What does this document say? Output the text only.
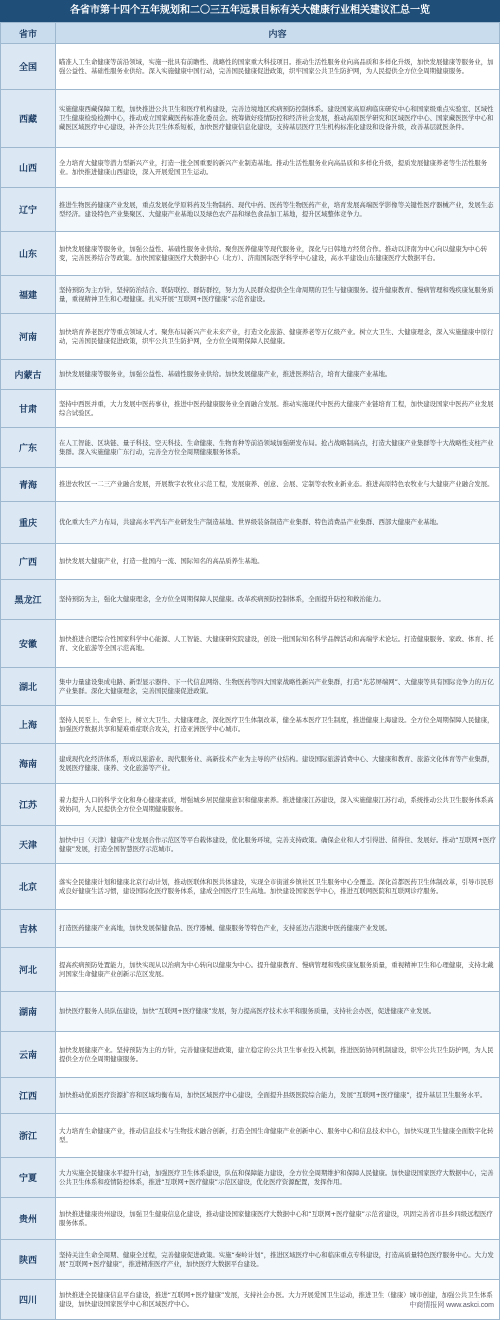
各省市第十四个五年规划和二〇三五年远景目标有关大健康行业相关建议汇总一览
省市	内容
全国	瞄准人工生命健康等前沿领域，实施一批具有前瞻性、战略性的国家重大科技项目。推动生活性服务业向高品质和多样化升级，加快发展健康等服务业，加强公益性、基础性服务业供给。深入实施健康中国行动，完善国民健康促进政策，织牢国家公共卫生防护网，为人民提供全方位全周期健康服务。
西藏	实施健康西藏保障工程，加快推进公共卫生和医疗机构建设，完善边境地区疾病预防控制体系。建设国家高原病临床研究中心和国家级重点实验室、区域性卫生健康检验检测中心，推动成立国家藏医药标准化委员会。统筹做好疫情防控和经济社会发展，推动高原医学研究和区域医疗中心、国家藏医医学中心和藏医区域医疗中心建设，补齐公共卫生体系短板，加快医疗健康信息化建设，支持基层医疗卫生机构标准化建设和设备升级，改善基层就医条件。
山西	全力培育大健康等潜力型新兴产业，打造一批全国重要的新兴产业制造基地。推动生活性服务业向高品质和多样化升级，提质发展健康养老等生活性服务业。加快推进健康山西建设，深入开展爱国卫生运动。
辽宁	推进生物医药健康产业发展，重点发展化学原料药及生物制药、现代中药、医药等生物医药产业，培育发展高端医学影像等关键性医疗器械产业，发展生态型经济。建设特色产业集聚区、大健康产业基地以及绿色农产品和绿色食品加工基地，提升区域整体竞争力。
山东	加快发展健康等服务业，加强公益性、基础性服务业供给。聚焦医养健康等现代服务业，深化与日韩地方经贸合作。推动以济南为中心向以健康为中心转变，完善医养结合等政策。加快国家健康医疗大数据中心（北方）、济南国际医学科学中心建设，高水平建设山东健康医疗大数据平台。
福建	坚持预防为主方针，坚持防治结合、联防联控、群防群控，努力为人民群众提供全生命周期的卫生与健康服务。提升健康教育、慢病管理和残疾康复服务质量，重视精神卫生和心理健康。扎实开展“互联网+医疗健康”示范省建设。
河南	加快培育养老医疗等重点领域人才。聚焦布局新兴产业未来产业，打造文化旅游、健康养老等万亿级产业。树立大卫生、大健康理念，深入实施健康中原行动，完善国民健康促进政策，织牢公共卫生防护网，全方位全周期保障人民健康。
内蒙古	加快发展健康等服务业，加强公益性、基础性服务业供给。加快发展健康产业，推进医养结合，培育大健康产业基地。
甘肃	坚持中西医并重，大力发展中医药事业，推进中医药健康服务业全面融合发展。推动实施现代中医药大健康产业链培育工程，加快建设国家中医药产业发展综合试验区。
广东	在人工智能、区块链、量子科技、空天科技、生命健康、生物育种等前沿领域加强研发布局。抢占战略制高点，打造大健康产业集群等十大战略性支柱产业集群。深入实施健康广东行动，完善全方位全周期健康服务体系。
青海	推进农牧区一二三产业融合发展，开展数字农牧业示范工程，发展康养、创意、会展、定制等农牧业新业态。推进高原特色农牧业与大健康产业融合发展。
重庆	优化重大生产力布局，共建高水平汽车产业研发生产制造基地、世界级装备制造产业集群、特色消费品产业集群、西部大健康产业基地。
广西	加快发展大健康产业，打造一批国内一流、国际知名的高品质养生基地。
黑龙江	坚持预防为主，强化大健康理念，全方位全周期保障人民健康。改革疾病预防控制体系，全面提升防控和救治能力。
安徽	加快推进合肥综合性国家科学中心能源、人工智能、大健康研究院建设，创设一批国际知名科学品牌活动和高端学术论坛。打造健康服务、家政、体育、托育、文化旅游等全国示范高地。
湖北	集中力量建设集成电路、新型显示器件、下一代信息网络、生物医药等四大国家战略性新兴产业集群，打造“光芯屏端网”、大健康等具有国际竞争力的万亿产业集群。深化大健康理念，完善国民健康促进政策。
上海	坚持人民至上、生命至上，树立大卫生、大健康理念，深化医疗卫生体制改革，健全基本医疗卫生制度，推进健康上海建设。全方位全周期保障人民健康，加强医疗数据共享和疑难重症联合攻关，打造亚洲医学中心城市。
海南	建成现代化经济体系，形成以旅游业、现代服务业、高新技术产业为主导的产业结构。建设国际旅游消费中心、大健康和教育、旅游文化体育等产业集群，发展医疗健康、康养、文化旅游等产业。
江苏	着力提升人口的科学文化和身心健康素质，增强城乡居民健康意识和健康素养。推进健康江苏建设，深入实施健康江苏行动，系统推动公共卫生服务体系高效协同，为人民提供全方位全周期健康服务。
天津	加快中日（天津）健康产业发展合作示范区等平台载体建设，优化服务环境，完善支持政策。确保企业和人才引得进、留得住、发展好。推动“互联网+医疗健康”发展，打造全国智慧医疗示范城市。
北京	落实全民健康计划和健康北京行动计划，推动医联体和医共体建设，实现全市街道乡镇社区卫生服务中心全覆盖。深化首都医药卫生体制改革，引导市民形成良好健康生活习惯，建设国际化医疗服务体系，建成全国医疗卫生高地。加快建设国家医学中心，推进互联网医院和互联网诊疗服务。
吉林	打造医药健康产业高地，加快发展保健食品、医疗器械、健康服务等特色产业，支持延边吉港澳中医药健康产业发展。
河北	提高疾病预防处置能力，加快实现从以治病为中心转向以健康为中心。提升健康教育、慢病管理和残疾康复服务质量，重视精神卫生和心理健康，支持北戴河国家生命健康产业创新示范区发展。
湖南	加快医疗服务人员队伍建设，加快“互联网+医疗健康”发展，努力提高医疗技术水平和服务质量，支持社会办医，促进健康产业发展。
云南	加快发展健康产业。坚持预防为主的方针，完善健康促进政策，建立稳定的公共卫生事业投入机制，推进医防协同机制建设，织牢公共卫生防护网，为人民提供全方位全周期健康服务。
江西	加快推动优质医疗资源扩容和区域均衡布局，加快区域医疗中心建设，全面提升县级医院综合能力，发展“互联网+医疗健康”，提升基层卫生服务水平。
浙江	大力培育生命健康产业，推动信息技术与生物技术融合创新，打造全国生命健康产业创新中心、服务中心和信息技术中心，加快实现卫生健康全面数字化转型。
宁夏	大力实施全民健康水平提升行动，加强医疗卫生体系建设，队伍和保障能力建设，全方位全周期维护和保障人民健康。加快建设国家医疗大数据中心，完善公共卫生体系和疫情防控体系，推进“互联网+医疗健康”示范区建设，优化医疗资源配置，发挥作用。
贵州	加快推进健康贵州建设，加强卫生健康信息化建设，推动建设国家健康医疗大数据中心和“互联网+医疗健康”示范省建设，巩固完善省市县乡四级远程医疗服务体系。
陕西	坚持关注生命全周期、健康全过程，完善健康促进政策。实施“秦岭计划”，推进区域医疗中心和临床重点专科建设，打造高质量特色医疗服务中心。大力发展“互联网+医疗健康”，推进精准医疗产业，加快医疗大数据平台建设。
四川	加快推进全民健康信息平台建设，推进“互联网+医疗健康”发展，支持社会办医。大力开展爱国卫生运动，推进卫生（健康）城市创建，加强公共卫生体系建设，加快建设国家医学中心和区域医疗中心。	中商情报网 www.askci.com
